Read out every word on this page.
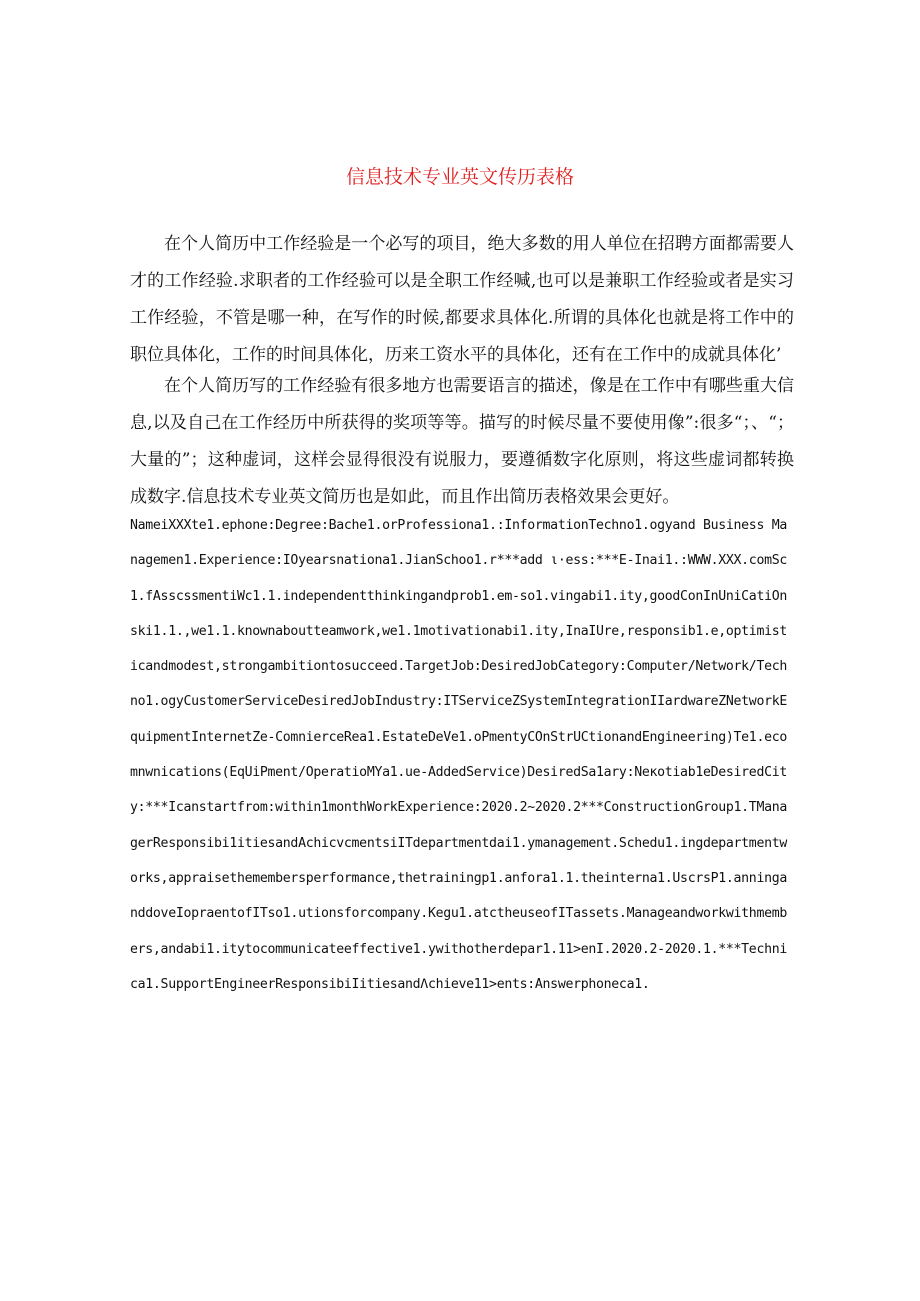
信息技术专业英文传历表格

在个人简历中工作经验是一个必写的项目，绝大多数的用人单位在招聘方面都需要人才的工作经验.求职者的工作经验可以是全职工作经喊,也可以是兼职工作经验或者是实习工作经验，不管是哪一种，在写作的时候,都要求具体化.所谓的具体化也就是将工作中的职位具体化，工作的时间具体化，历来工资水平的具体化，还有在工作中的成就具体化’

在个人简历写的工作经验有很多地方也需要语言的描述，像是在工作中有哪些重大信息,以及自己在工作经历中所获得的奖项等等。描写的时候尽量不要使用像”:很多“；、“；大量的”；这种虚词，这样会显得很没有说服力，要遵循数字化原则，将这些虚词都转换成数字.信息技术专业英文简历也是如此，而且作出简历表格效果会更好。

NameiXXXte1.ephone:Degree:Bache1.orProfessiona1.:InformationTechno1.ogyand Business Managemen1.Experience:IOyearsnationa1.JianSchoo1.r***add ι·ess:***E-Inai1.:WWW.XXX.comSc1.fAsscssmentiWc1.1.independentthinkingandprob1.em-so1.vingabi1.ity,goodConInUniCatiOnski1.1.,we1.1.knownaboutteamwork,we1.1motivationabi1.ity,InaIUre,responsib1.e,optimisticandmodest,strongambitiontosucceed.TargetJob:DesiredJobCategory:Computer/Network/Techno1.ogyCustomerServiceDesiredJobIndustry:ITServiceZSystemIntegrationIIardwareZNetworkEquipmentInternetZe-ComnierceRea1.EstateDeVe1.oPmentyCOnStrUCtionandEngineering)Te1.ecomnwnications(EqUiPment/OperatioMYa1.ue-AddedService)DesiredSa1ary:Neκotiab1eDesiredCity:***Icanstartfrom:within1monthWorkExperience:2020.2~2020.2***ConstructionGroup1.TManagerResponsibi1itiesandAchicvcmentsiITdepartmentdai1.ymanagement.Schedu1.ingdepartmentworks,appraisethemembersperformance,thetrainingp1.anfora1.1.theinterna1.UscrsP1.anninganddoveIopraentofITso1.utionsforcompany.Kegu1.atctheuseofITassets.Manageandworkwithmembers,andabi1.itytocommunicateeffective1.ywithotherdepar1.11>enI.2020.2-2020.1.***Technica1.SupportEngineerResponsibiIitiesandΛchieve11>ents:Answerphoneca1.
